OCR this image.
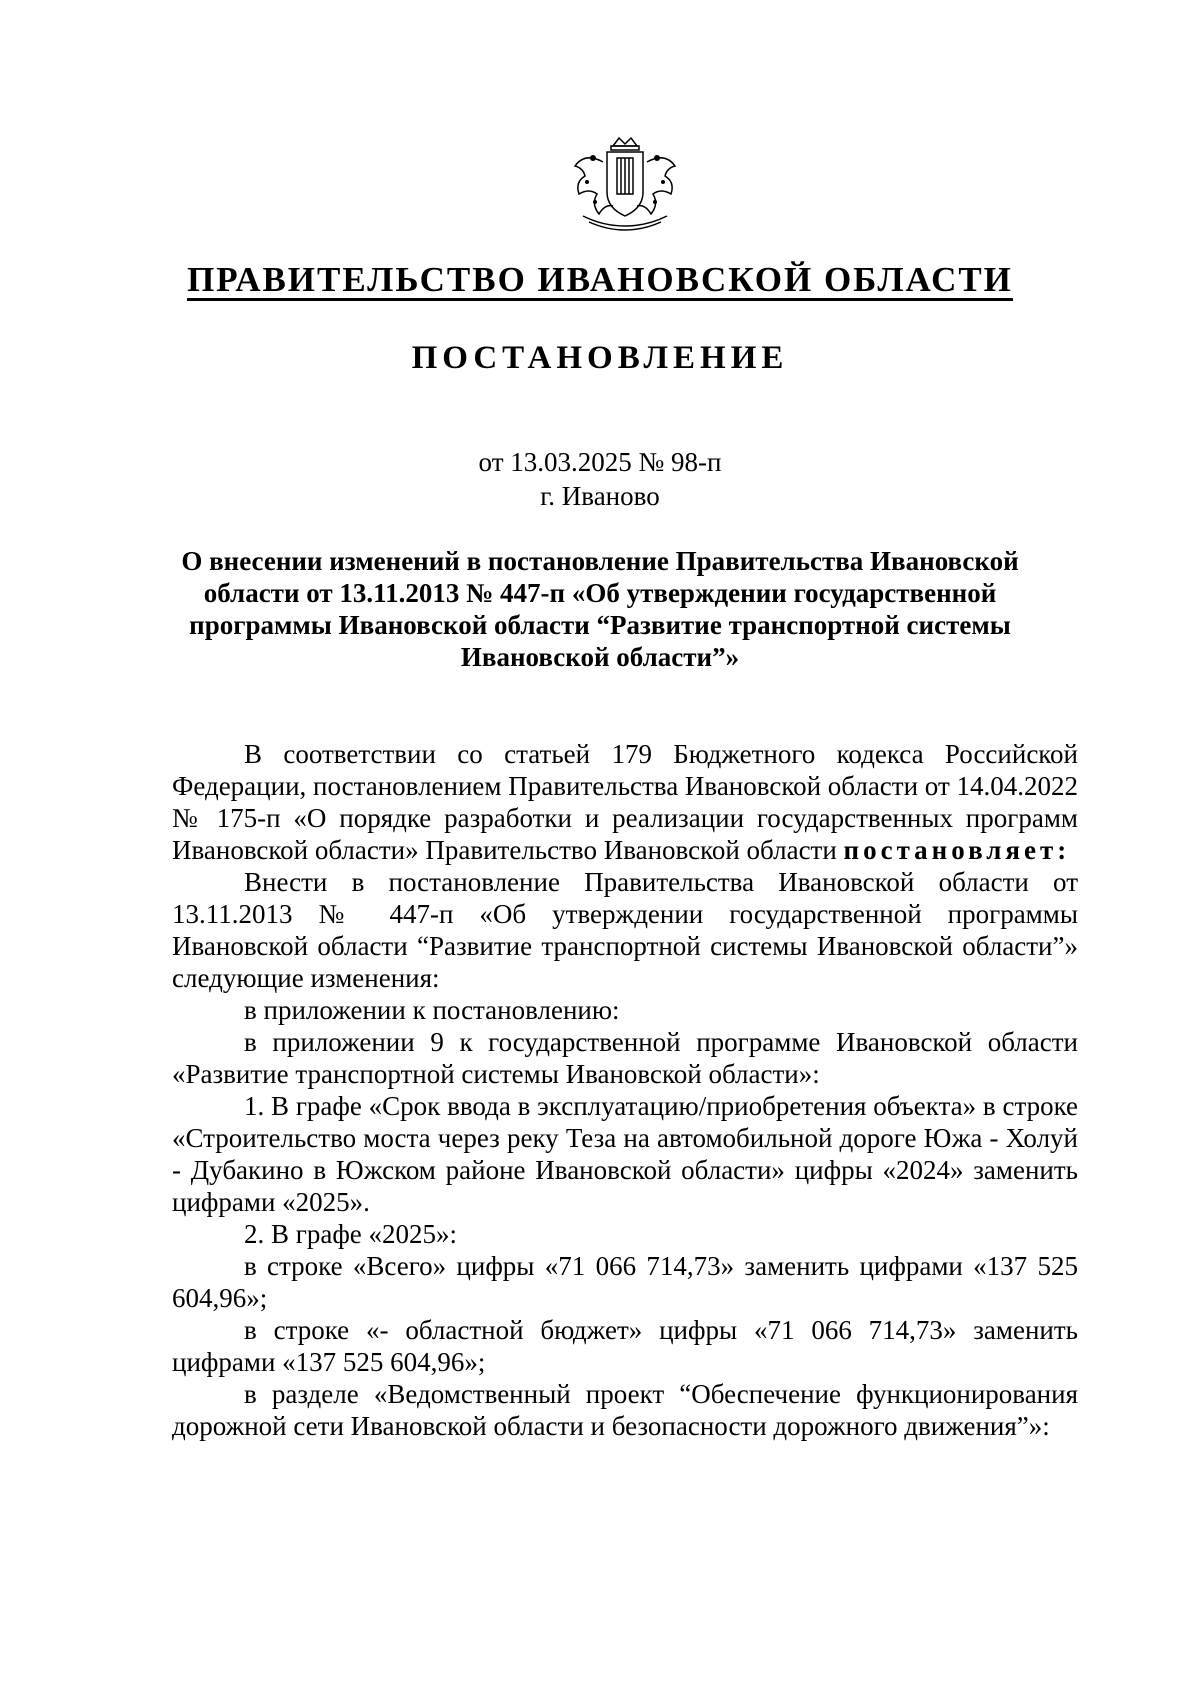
ПРАВИТЕЛЬСТВО ИВАНОВСКОЙ ОБЛАСТИ
ПОСТАНОВЛЕНИЕ
от 13.03.2025 № 98-п
г. Иваново
О внесении изменений в постановление Правительства Ивановской области от 13.11.2013 № 447-п «Об утверждении государственной программы Ивановской области “Развитие транспортной системы Ивановской области”»

В соответствии со статьей 179 Бюджетного кодекса Российской Федерации, постановлением Правительства Ивановской области от 14.04.2022 № 175-п «О порядке разработки и реализации государственных программ Ивановской области» Правительство Ивановской области постановляет:

Внести в постановление Правительства Ивановской области от 13.11.2013 № 447-п «Об утверждении государственной программы Ивановской области “Развитие транспортной системы Ивановской области”» следующие изменения:

в приложении к постановлению:

в приложении 9 к государственной программе Ивановской области «Развитие транспортной системы Ивановской области»:

1. В графе «Срок ввода в эксплуатацию/приобретения объекта» в строке «Строительство моста через реку Теза на автомобильной дороге Южа - Холуй - Дубакино в Южском районе Ивановской области» цифры «2024» заменить цифрами «2025».

2. В графе «2025»:

в строке «Всего» цифры «71 066 714,73» заменить цифрами «137 525 604,96»;

в строке «- областной бюджет» цифры «71 066 714,73» заменить цифрами «137 525 604,96»;

в разделе «Ведомственный проект “Обеспечение функционирования дорожной сети Ивановской области и безопасности дорожного движения”»:
